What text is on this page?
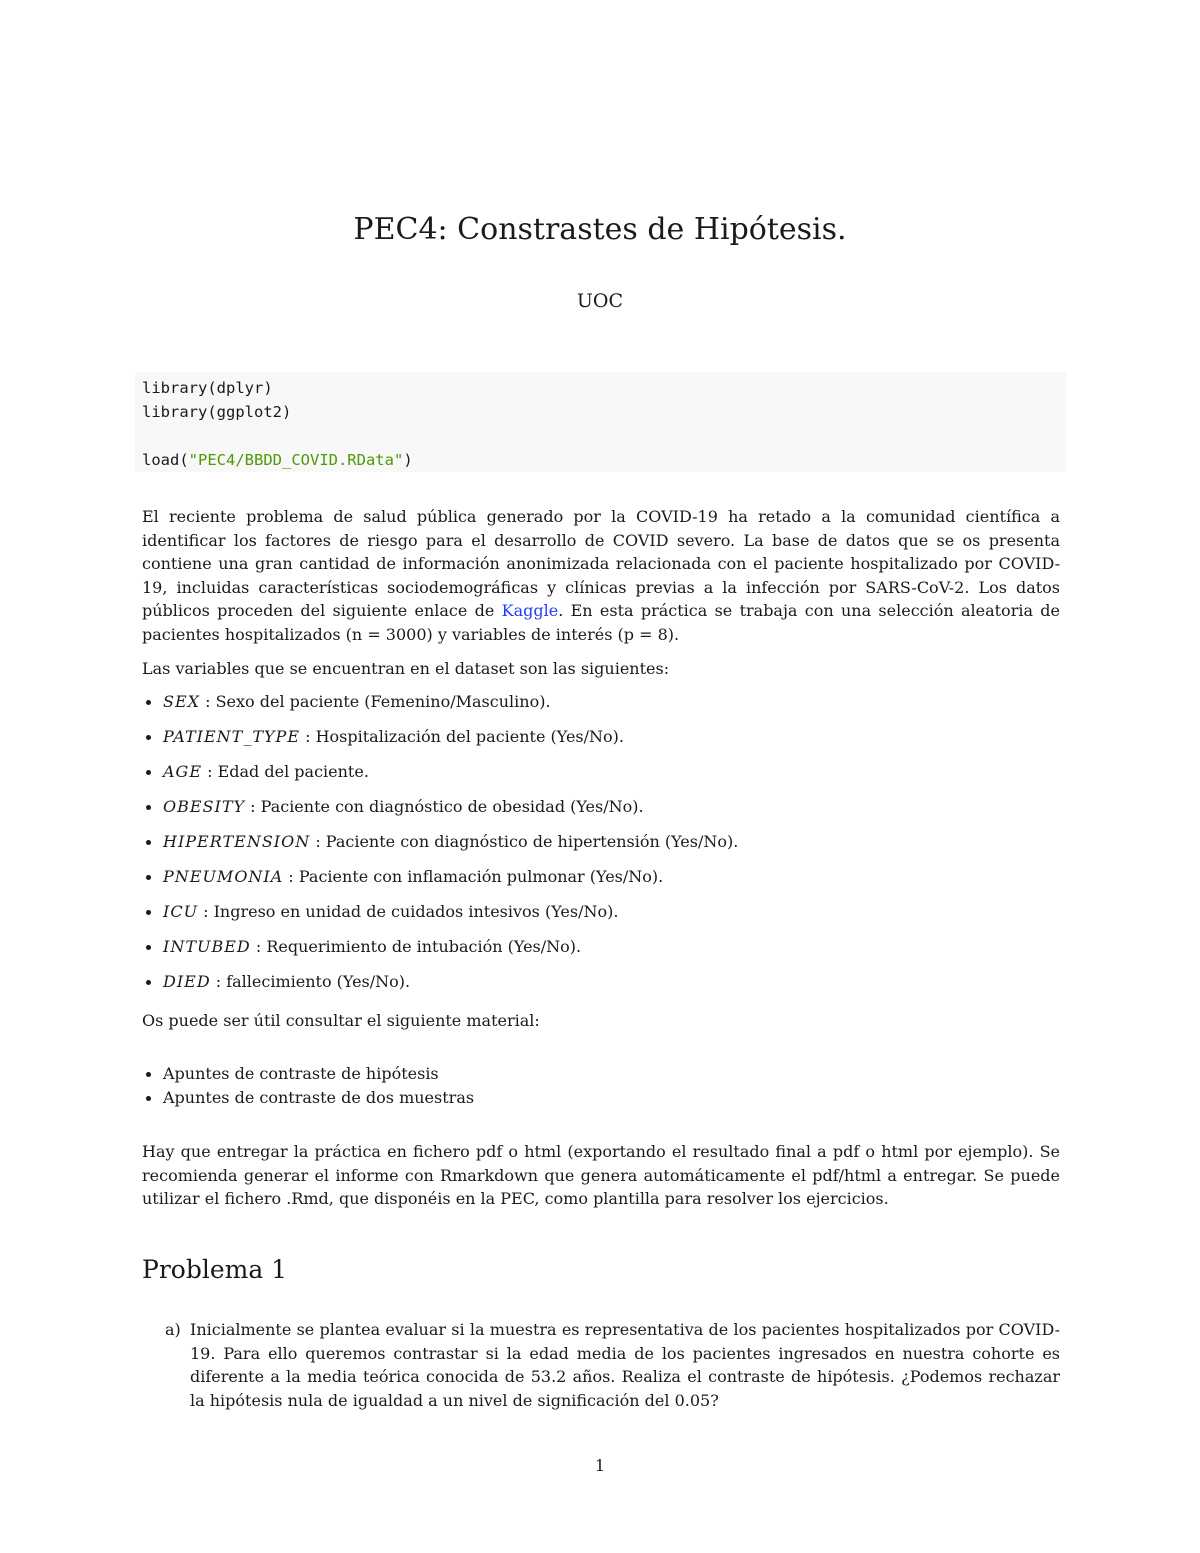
PEC4: Constrastes de Hipótesis.
UOC
library(dplyr)
library(ggplot2)

load("PEC4/BBDD_COVID.RData")

El reciente problema de salud pública generado por la COVID-19 ha retado a la comunidad científica a identificar los factores de riesgo para el desarrollo de COVID severo. La base de datos que se os presenta contiene una gran cantidad de información anonimizada relacionada con el paciente hospitalizado por COVID-19, incluidas características sociodemográficas y clínicas previas a la infección por SARS-CoV-2. Los datos públicos proceden del siguiente enlace de Kaggle. En esta práctica se trabaja con una selección aleatoria de pacientes hospitalizados (n = 3000) y variables de interés (p = 8).

Las variables que se encuentran en el dataset son las siguientes:

SEX : Sexo del paciente (Femenino/Masculino).
PATIENT_TYPE : Hospitalización del paciente (Yes/No).
AGE : Edad del paciente.
OBESITY : Paciente con diagnóstico de obesidad (Yes/No).
HIPERTENSION : Paciente con diagnóstico de hipertensión (Yes/No).
PNEUMONIA : Paciente con inflamación pulmonar (Yes/No).
ICU : Ingreso en unidad de cuidados intesivos (Yes/No).
INTUBED : Requerimiento de intubación (Yes/No).
DIED : fallecimiento (Yes/No).

Os puede ser útil consultar el siguiente material:

Apuntes de contraste de hipótesis
Apuntes de contraste de dos muestras

Hay que entregar la práctica en fichero pdf o html (exportando el resultado final a pdf o html por ejemplo). Se recomienda generar el informe con Rmarkdown que genera automáticamente el pdf/html a entregar. Se puede utilizar el fichero .Rmd, que disponéis en la PEC, como plantilla para resolver los ejercicios.

Problema 1

a) Inicialmente se plantea evaluar si la muestra es representativa de los pacientes hospitalizados por COVID-19. Para ello queremos contrastar si la edad media de los pacientes ingresados en nuestra cohorte es diferente a la media teórica conocida de 53.2 años. Realiza el contraste de hipótesis. ¿Podemos rechazar la hipótesis nula de igualdad a un nivel de significación del 0.05?

1
